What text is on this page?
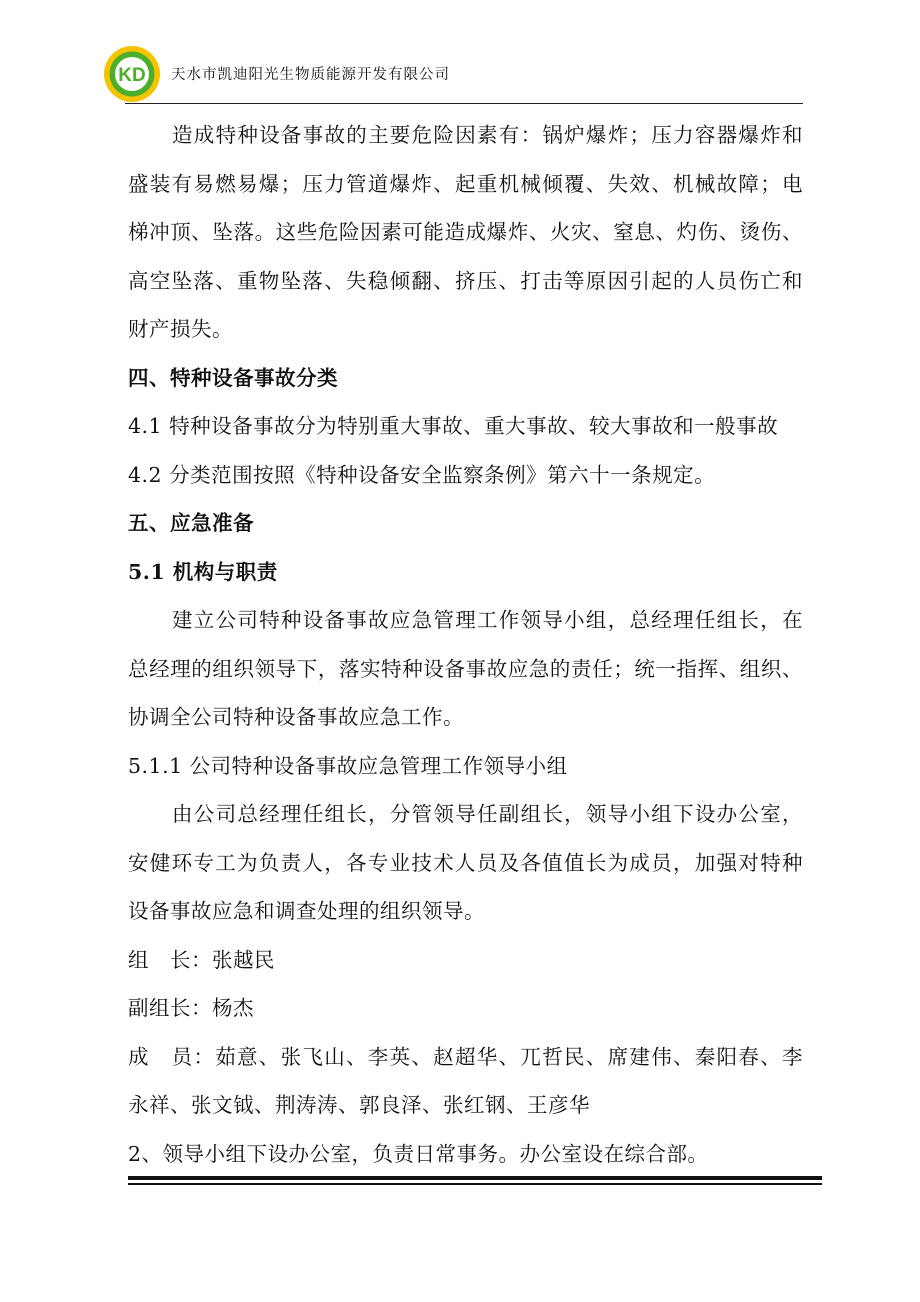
KD 天水市凯迪阳光生物质能源开发有限公司
造成特种设备事故的主要危险因素有：锅炉爆炸；压力容器爆炸和
盛装有易燃易爆；压力管道爆炸、起重机械倾覆、失效、机械故障；电
梯冲顶、坠落。这些危险因素可能造成爆炸、火灾、窒息、灼伤、烫伤、
高空坠落、重物坠落、失稳倾翻、挤压、打击等原因引起的人员伤亡和
财产损失。
四、特种设备事故分类
4.1 特种设备事故分为特别重大事故、重大事故、较大事故和一般事故
4.2 分类范围按照《特种设备安全监察条例》第六十一条规定。
五、应急准备
5.1 机构与职责
建立公司特种设备事故应急管理工作领导小组，总经理任组长，在
总经理的组织领导下，落实特种设备事故应急的责任；统一指挥、组织、
协调全公司特种设备事故应急工作。
5.1.1 公司特种设备事故应急管理工作领导小组
由公司总经理任组长，分管领导任副组长，领导小组下设办公室，
安健环专工为负责人，各专业技术人员及各值值长为成员，加强对特种
设备事故应急和调查处理的组织领导。
组　长：张越民
副组长：杨杰
成　员：茹意、张飞山、李英、赵超华、兀哲民、席建伟、秦阳春、李
永祥、张文钺、荆涛涛、郭良泽、张红钢、王彦华
2、领导小组下设办公室，负责日常事务。办公室设在综合部。
